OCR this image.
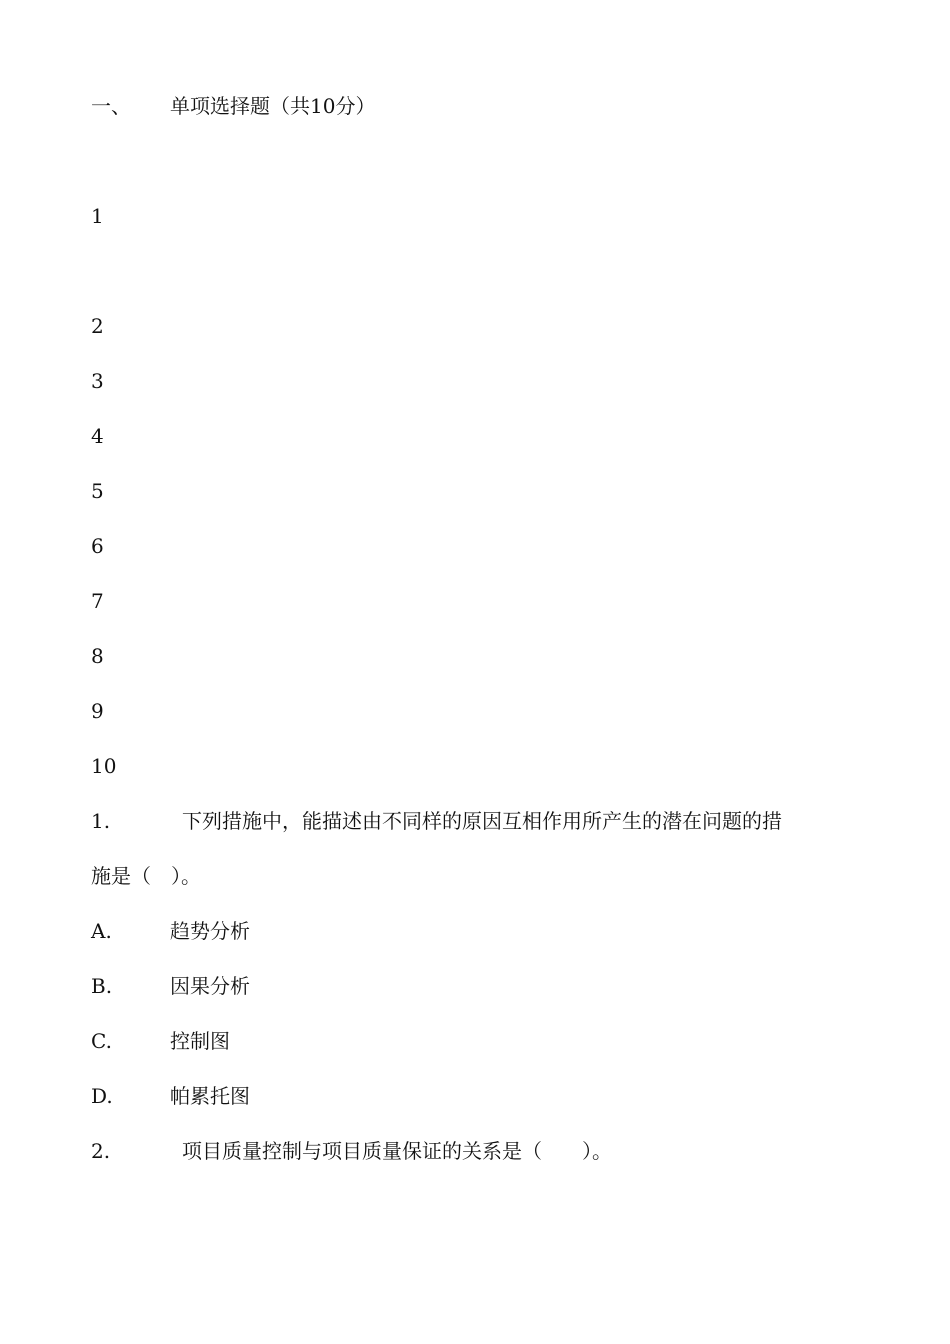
一、 单项选择题（共10分）
1
2
3
4
5
6
7
8
9
10
1.	下列措施中，能描述由不同样的原因互相作用所产生的潜在问题的措
施是（　）。
A.	趋势分析
B.	因果分析
C.	控制图
D.	帕累托图
2.	项目质量控制与项目质量保证的关系是（　　）。
